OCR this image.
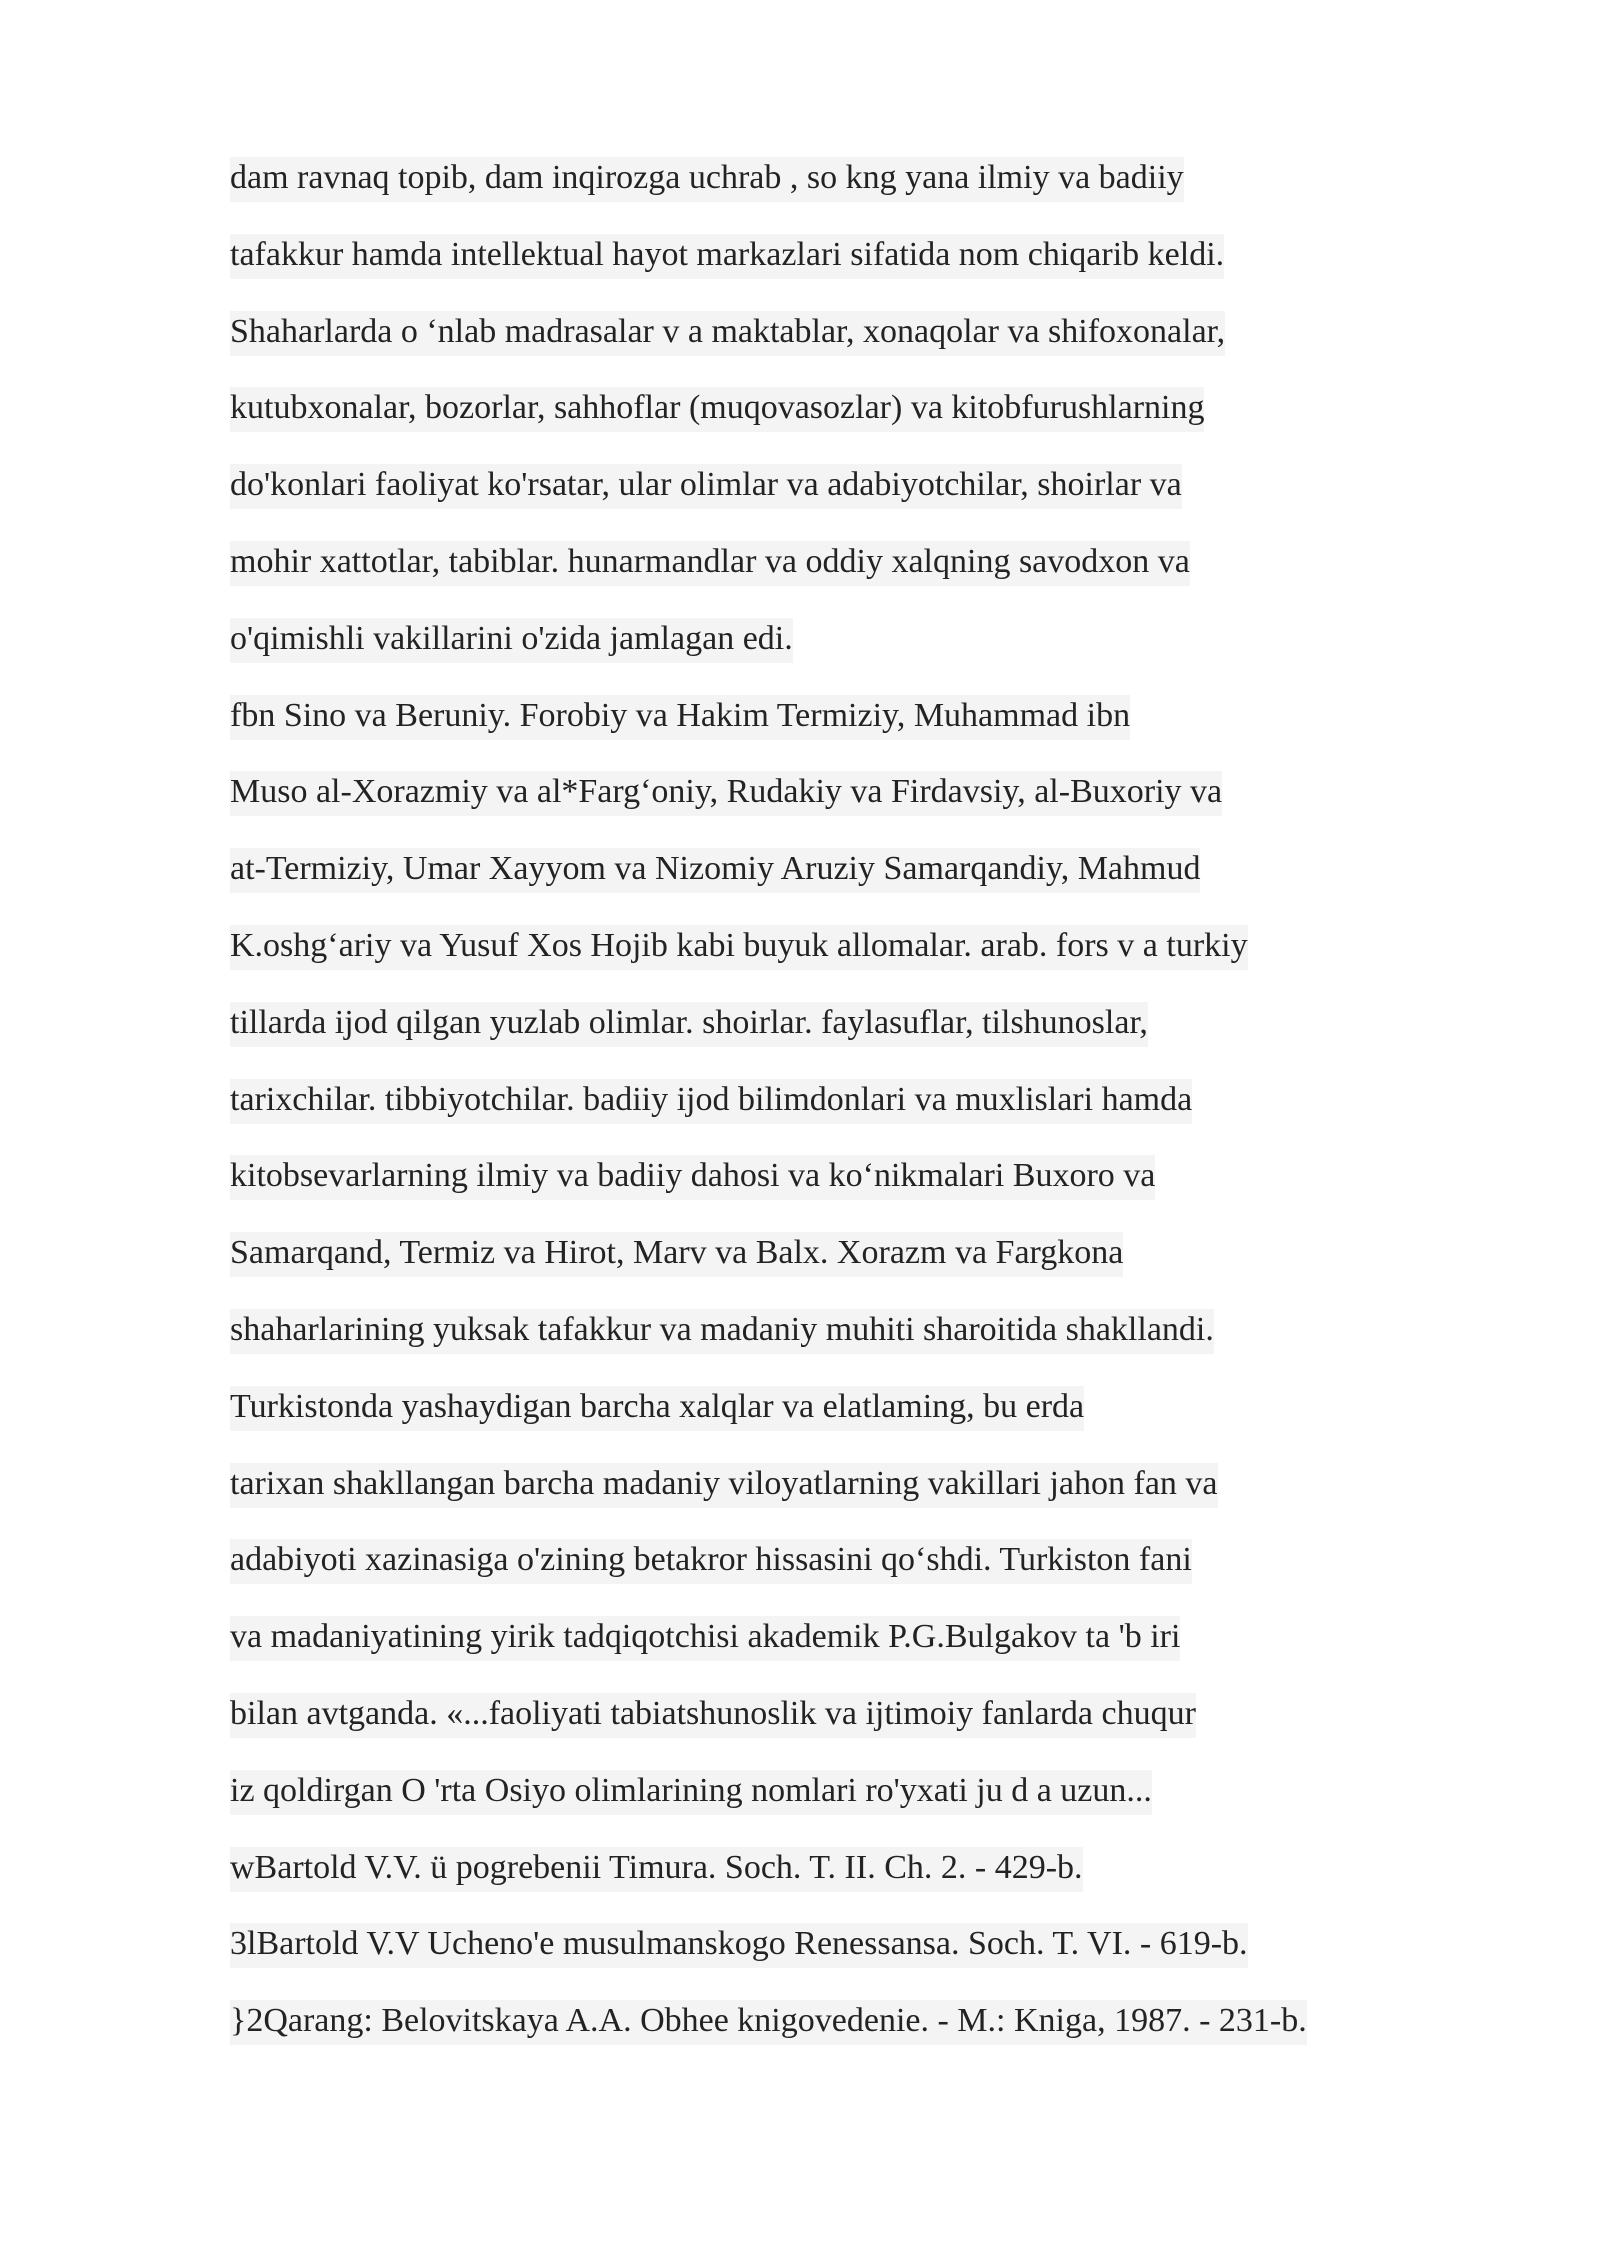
dam ravnaq topib, dam inqirozga uchrab , so kng yana ilmiy va badiiy
tafakkur hamda intellektual hayot markazlari sifatida nom chiqarib keldi.
Shaharlarda o ‘nlab madrasalar v a maktablar, xonaqolar va shifoxonalar,
kutubxonalar, bozorlar, sahhoflar (muqovasozlar) va kitobfurushlarning
do'konlari faoliyat ko'rsatar, ular olimlar va adabiyotchilar, shoirlar va
mohir xattotlar, tabiblar. hunarmandlar va oddiy xalqning savodxon va
o'qimishli vakillarini o'zida jamlagan edi.
fbn Sino va Beruniy. Forobiy va Hakim Termiziy, Muhammad ibn
Muso al-Xorazmiy va al*Farg‘oniy, Rudakiy va Firdavsiy, al-Buxoriy va
at-Termiziy, Umar Xayyom va Nizomiy Aruziy Samarqandiy, Mahmud
K.oshg‘ariy va Yusuf Xos Hojib kabi buyuk allomalar. arab. fors v a turkiy
tillarda ijod qilgan yuzlab olimlar. shoirlar. faylasuflar, tilshunoslar,
tarixchilar. tibbiyotchilar. badiiy ijod bilimdonlari va muxlislari hamda
kitobsevarlarning ilmiy va badiiy dahosi va ko‘nikmalari Buxoro va
Samarqand, Termiz va Hirot, Marv va Balx. Xorazm va Fargkona
shaharlarining yuksak tafakkur va madaniy muhiti sharoitida shakllandi.
Turkistonda yashaydigan barcha xalqlar va elatlaming, bu erda
tarixan shakllangan barcha madaniy viloyatlarning vakillari jahon fan va
adabiyoti xazinasiga o'zining betakror hissasini qo‘shdi. Turkiston fani
va madaniyatining yirik tadqiqotchisi akademik P.G.Bulgakov ta 'b iri
bilan avtganda. «...faoliyati tabiatshunoslik va ijtimoiy fanlarda chuqur
iz qoldirgan O 'rta Osiyo olimlarining nomlari ro'yxati ju d a uzun...
wBartold V.V. ü pogrebenii Timura. Soch. T. II. Ch. 2. - 429-b.
3lBartold V.V Ucheno'e musulmanskogo Renessansa. Soch. T. VI. - 619-b.
}2Qarang: Belovitskaya A.A. Obhee knigovedenie. - M.: Kniga, 1987. - 231-b.
